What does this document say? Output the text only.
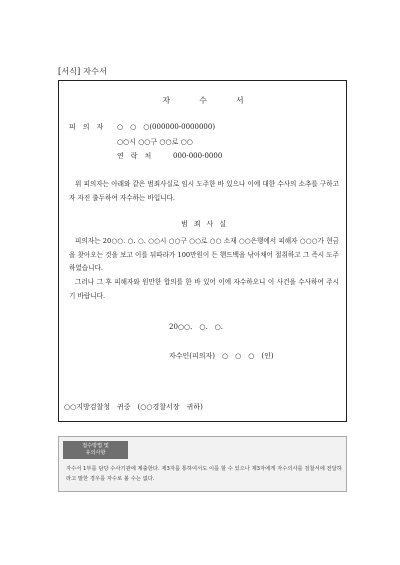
[서식] 자수서
자	수	서
피 의 자	○　○　○(000000-0000000)
○○시 ○○구 ○○로 ○○
연　락　처	000-000-0000
위 피의자는 아래와 같은 범죄사실로 임시 도주한 바 있으나 이에 대한 수사의 소추를 구하고자 자진 출두하여 자수하는 바입니다.
범 죄 사 실
피의자는 20○○. ○. ○. ○○시 ○○구 ○○로 ○○ 소재 ○○은행에서 피해자 ○○○가 현금을 찾아오는 것을 보고 이를 뒤따라가 100만원이 든 핸드백을 낚아채어 절취하고 그 즉시 도주하였습니다.
그러나 그 후 피해자와 원만한 합의를 한 바 있어 이에 자수하오니 이 사건을 수사하여 주시기 바랍니다.
20○○.　○.　○.
자수인(피의자)　○　○　○　(인)
○○지방검찰청　귀중　(○○경찰서장　귀하)
접수방법 및
유의사항
자수서 1부를 담당 수사기관에 제출한다. 제3자를 통하여서도 이를 할 수 있으나 제3자에게 자수의사를 검찰서에 전달하라고 말한 경우를 자수로 볼 수는 없다.
